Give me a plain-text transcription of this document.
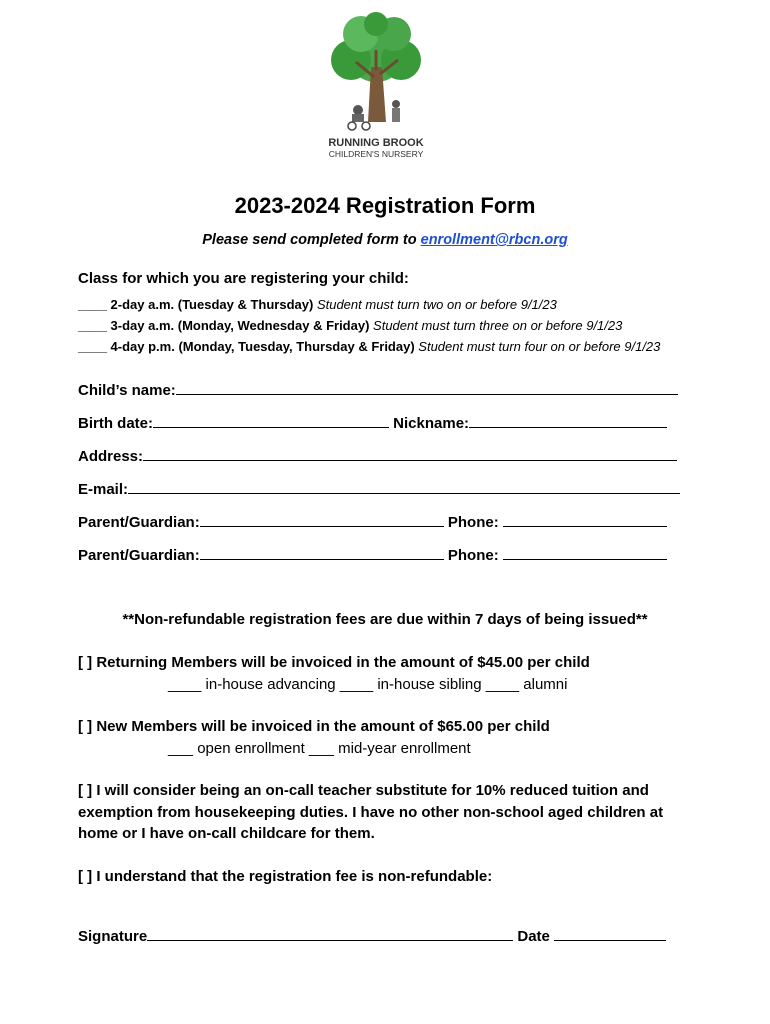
RUNNING BROOK
CHILDREN'S NURSERY
2023-2024 Registration Form
Please send completed form to enrollment@rbcn.org
Class for which you are registering your child:
____ 2-day a.m. (Tuesday & Thursday) Student must turn two on or before 9/1/23
____ 3-day a.m. (Monday, Wednesday & Friday) Student must turn three on or before 9/1/23
____ 4-day p.m. (Monday, Tuesday, Thursday & Friday) Student must turn four on or before 9/1/23
Child’s name:
Birth date:	Nickname:
Address:
E-mail:
Parent/Guardian:	Phone:
Parent/Guardian:	Phone:
**Non-refundable registration fees are due within 7 days of being issued**
[ ] Returning Members will be invoiced in the amount of $45.00 per child
____ in-house advancing ____ in-house sibling ____ alumni
[ ] New Members will be invoiced in the amount of $65.00 per child
___ open enrollment ___ mid-year enrollment
[ ] I will consider being an on-call teacher substitute for 10% reduced tuition and
exemption from housekeeping duties. I have no other non-school aged children at
home or I have on-call childcare for them.
[ ] I understand that the registration fee is non-refundable:
Signature	Date
